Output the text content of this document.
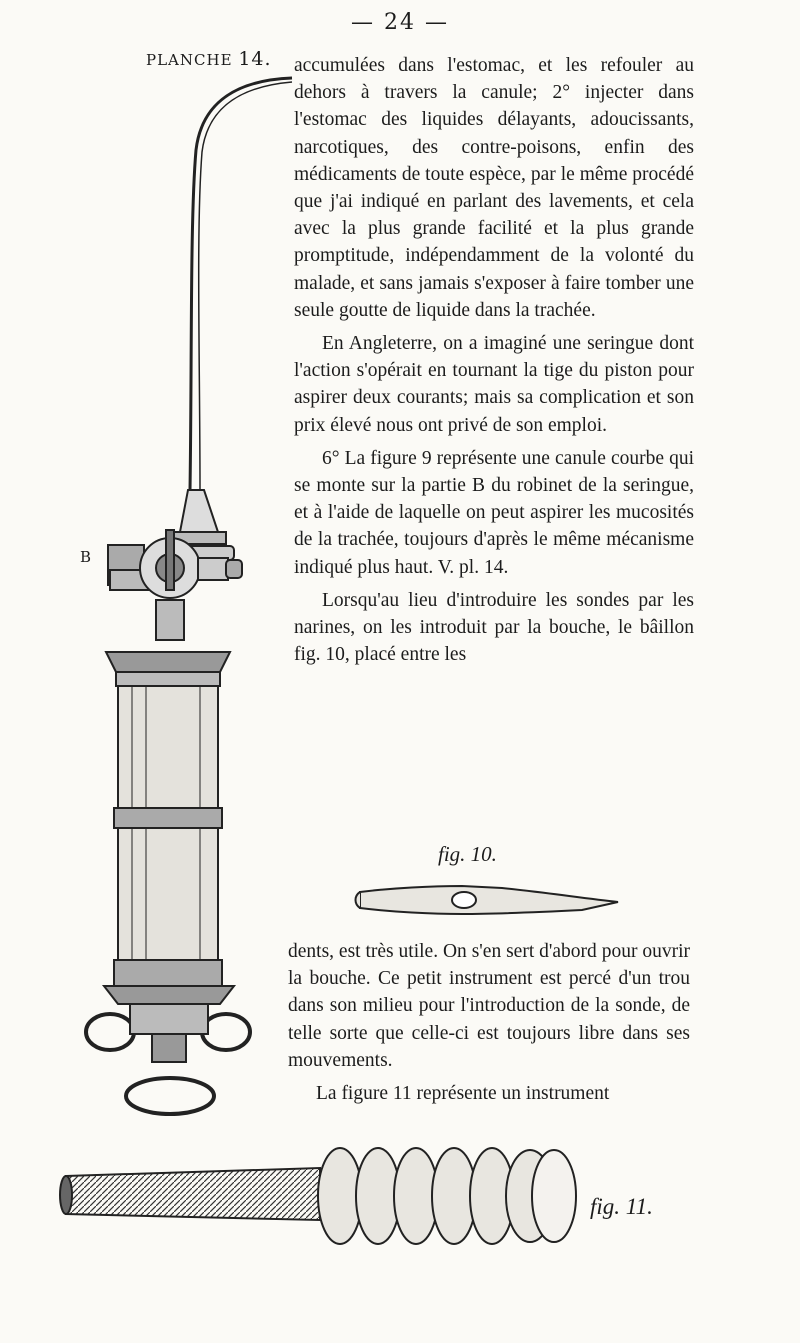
— 24 —
PLANCHE 14.
B

accumulées dans l'estomac, et les refouler au dehors à travers la canule; 2° injecter dans l'estomac des liquides délayants, adoucissants, narcotiques, des contre-poisons, enfin des médicaments de toute espèce, par le même procédé que j'ai indiqué en parlant des lavements, et cela avec la plus grande facilité et la plus grande promptitude, indépendamment de la volonté du malade, et sans jamais s'exposer à faire tomber une seule goutte de liquide dans la trachée.

En Angleterre, on a imaginé une seringue dont l'action s'opérait en tournant la tige du piston pour aspirer deux courants; mais sa complication et son prix élevé nous ont privé de son emploi.

6° La figure 9 représente une canule courbe qui se monte sur la partie B du robinet de la seringue, et à l'aide de laquelle on peut aspirer les mucosités de la trachée, toujours d'après le même mécanisme indiqué plus haut. V. pl. 14.

Lorsqu'au lieu d'introduire les sondes par les narines, on les introduit par la bouche, le bâillon fig. 10, placé entre les

fig. 10.

dents, est très utile. On s'en sert d'abord pour ouvrir la bouche. Ce petit instrument est percé d'un trou dans son milieu pour l'introduction de la sonde, de telle sorte que celle-ci est toujours libre dans ses mouvements.

La figure 11 représente un instrument

fig. 11.
